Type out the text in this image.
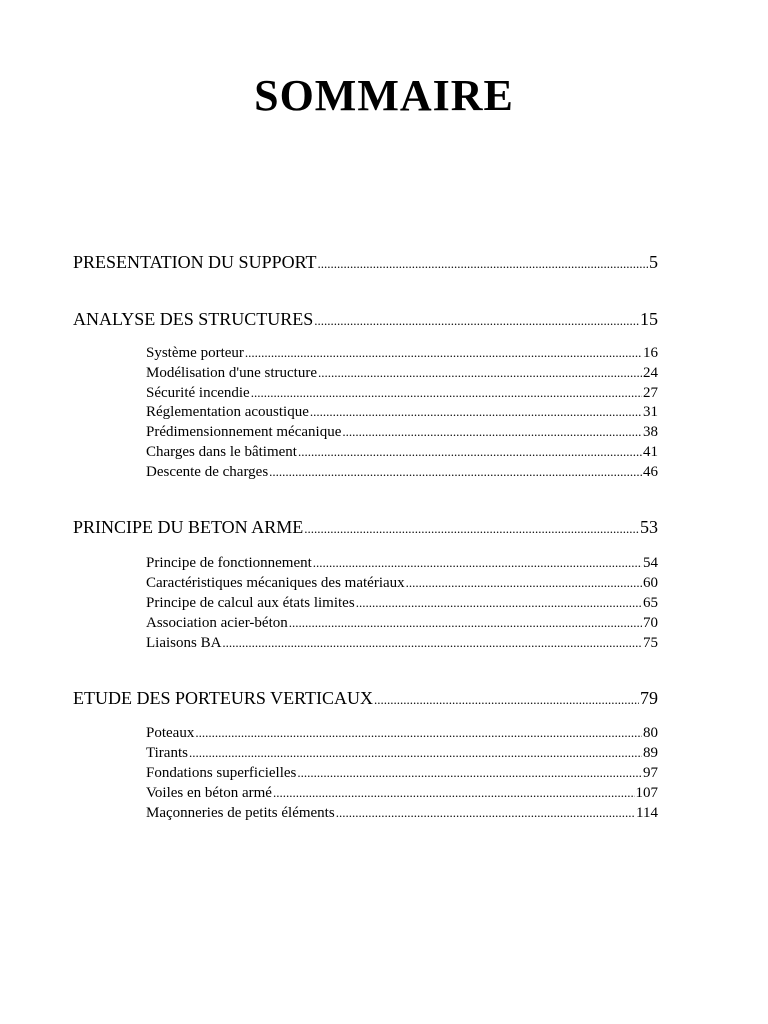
SOMMAIRE
PRESENTATION DU SUPPORT .....	5
ANALYSE DES STRUCTURES .....	15
Système porteur .....	16
Modélisation d'une structure .....	24
Sécurité incendie .....	27
Réglementation acoustique .....	31
Prédimensionnement mécanique .....	38
Charges dans le bâtiment .....	41
Descente de charges .....	46
PRINCIPE DU BETON ARME .....	53
Principe de fonctionnement .....	54
Caractéristiques mécaniques des matériaux .....	60
Principe de calcul aux états limites .....	65
Association acier-béton .....	70
Liaisons BA .....	75
ETUDE DES PORTEURS VERTICAUX .....	79
Poteaux .....	80
Tirants .....	89
Fondations superficielles .....	97
Voiles en béton armé .....	107
Maçonneries de petits éléments .....	114
